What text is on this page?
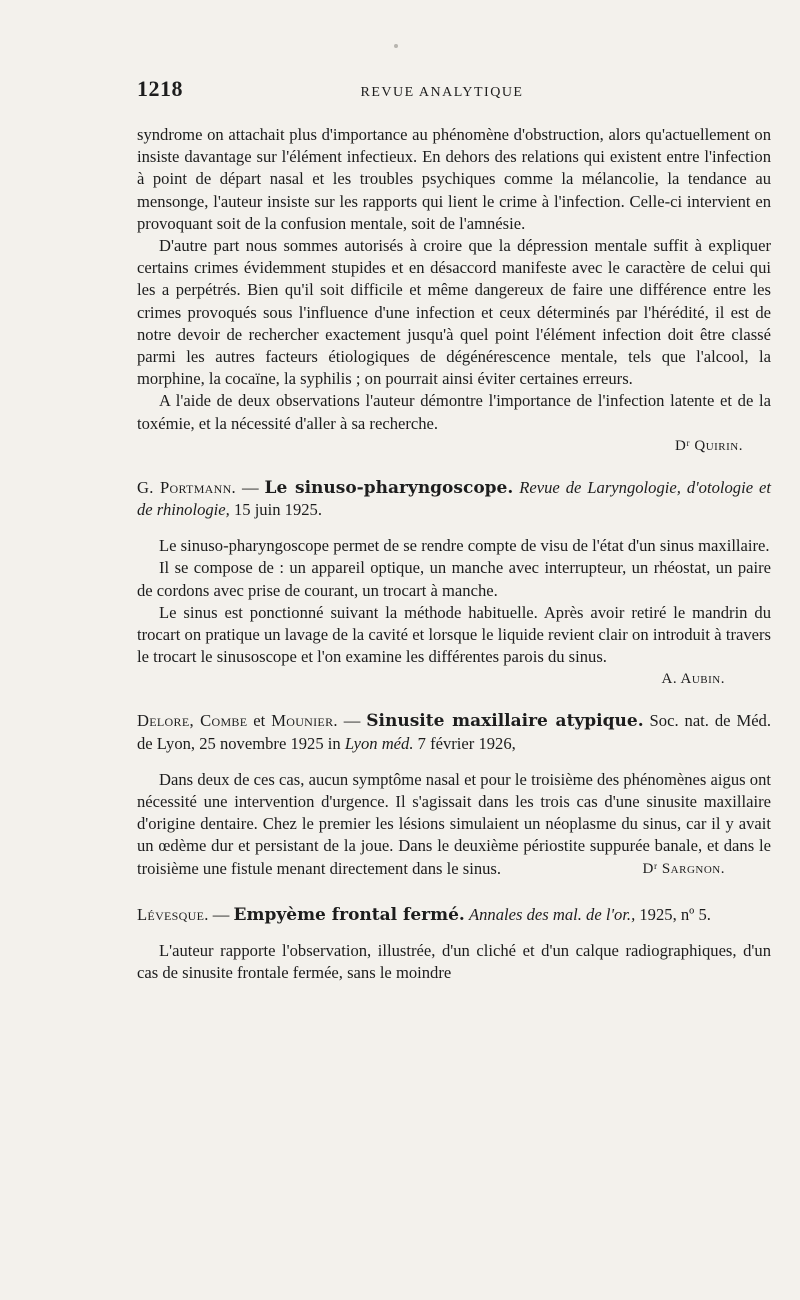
1218	REVUE ANALYTIQUE

syndrome on attachait plus d'importance au phénomène d'obstruction, alors qu'actuellement on insiste davantage sur l'élément infectieux. En dehors des relations qui existent entre l'infection à point de départ nasal et les troubles psychiques comme la mélancolie, la tendance au mensonge, l'auteur insiste sur les rapports qui lient le crime à l'infection. Celle-ci intervient en provoquant soit de la confusion mentale, soit de l'amnésie.

D'autre part nous sommes autorisés à croire que la dépression mentale suffit à expliquer certains crimes évidemment stupides et en désaccord manifeste avec le caractère de celui qui les a perpétrés. Bien qu'il soit difficile et même dangereux de faire une différence entre les crimes provoqués sous l'influence d'une infection et ceux déterminés par l'hérédité, il est de notre devoir de rechercher exactement jusqu'à quel point l'élément infection doit être classé parmi les autres facteurs étiologiques de dégénérescence mentale, tels que l'alcool, la morphine, la cocaïne, la syphilis ; on pourrait ainsi éviter certaines erreurs.

A l'aide de deux observations l'auteur démontre l'importance de l'infection latente et de la toxémie, et la nécessité d'aller à sa recherche.

Dʳ Quirin.
G. Portmann. — Le sinuso-pharyngoscope. Revue de Laryngologie, d'otologie et de rhinologie, 15 juin 1925.

Le sinuso-pharyngoscope permet de se rendre compte de visu de l'état d'un sinus maxillaire.

Il se compose de : un appareil optique, un manche avec interrupteur, un rhéostat, un paire de cordons avec prise de courant, un trocart à manche.

Le sinus est ponctionné suivant la méthode habituelle. Après avoir retiré le mandrin du trocart on pratique un lavage de la cavité et lorsque le liquide revient clair on introduit à travers le trocart le sinusoscope et l'on examine les différentes parois du sinus.

A. Aubin.
Delore, Combe et Mounier. — Sinusite maxillaire atypique. Soc. nat. de Méd. de Lyon, 25 novembre 1925 in Lyon méd. 7 février 1926,

Dans deux de ces cas, aucun symptôme nasal et pour le troisième des phénomènes aigus ont nécessité une intervention d'urgence. Il s'agissait dans les trois cas d'une sinusite maxillaire d'origine dentaire. Chez le premier les lésions simulaient un néoplasme du sinus, car il y avait un œdème dur et persistant de la joue. Dans le deuxième périostite suppurée banale, et dans le troisième une fistule menant directement dans le sinus.	Dʳ Sargnon.
Lévesque. — Empyème frontal fermé. Annales des mal. de l'or., 1925, nº 5.

L'auteur rapporte l'observation, illustrée, d'un cliché et d'un calque radiographiques, d'un cas de sinusite frontale fermée, sans le moindre
